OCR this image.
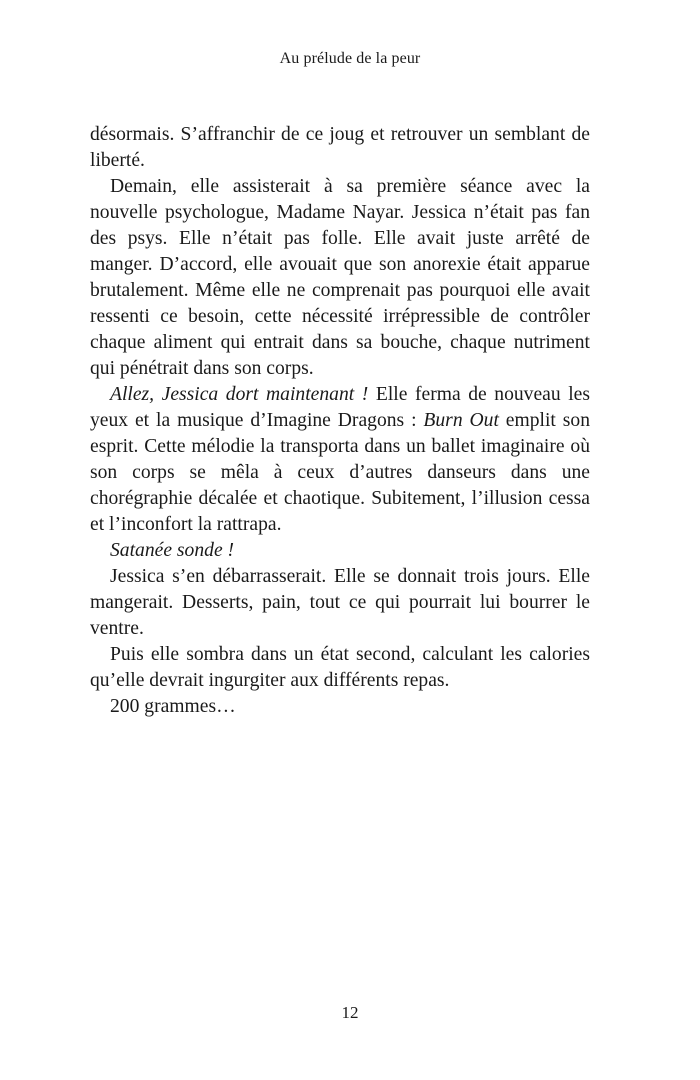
Au prélude de la peur

désormais. S’affranchir de ce joug et retrouver un semblant de liberté.

Demain, elle assisterait à sa première séance avec la nouvelle psychologue, Madame Nayar. Jessica n’était pas fan des psys. Elle n’était pas folle. Elle avait juste arrêté de manger. D’accord, elle avouait que son anorexie était apparue brutalement. Même elle ne comprenait pas pourquoi elle avait ressenti ce besoin, cette nécessité irrépressible de contrôler chaque aliment qui entrait dans sa bouche, chaque nutriment qui pénétrait dans son corps.

Allez, Jessica dort maintenant ! Elle ferma de nouveau les yeux et la musique d’Imagine Dragons : Burn Out emplit son esprit. Cette mélodie la transporta dans un ballet imaginaire où son corps se mêla à ceux d’autres danseurs dans une chorégraphie décalée et chaotique. Subitement, l’illusion cessa et l’inconfort la rattrapa.

Satanée sonde !

Jessica s’en débarrasserait. Elle se donnait trois jours. Elle mangerait. Desserts, pain, tout ce qui pourrait lui bourrer le ventre.

Puis elle sombra dans un état second, calculant les calories qu’elle devrait ingurgiter aux différents repas.

200 grammes…

12
